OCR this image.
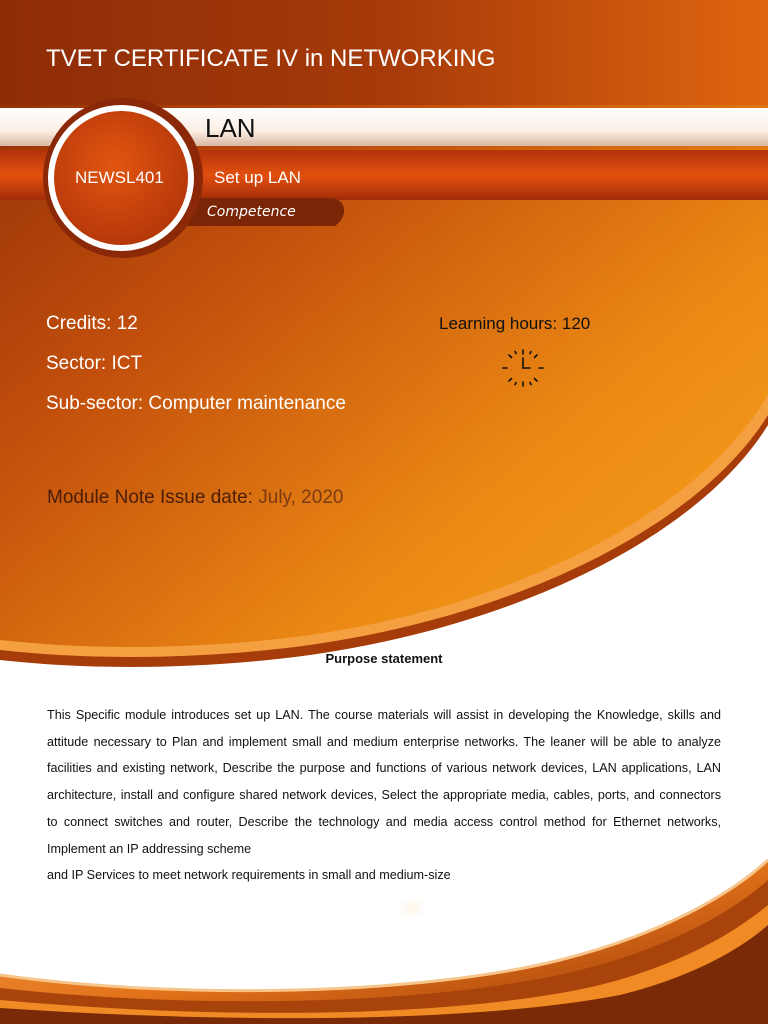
TVET CERTIFICATE IV in NETWORKING
NEWSL401
LAN
Set up LAN
Competence
Credits: 12
Sector: ICT
Sub-sector: Computer maintenance
Learning hours: 120
Module Note Issue date: July, 2020
Purpose statement

This Specific module introduces set up LAN. The course materials will assist in developing the Knowledge, skills and attitude necessary to Plan and implement small and medium enterprise networks. The leaner will be able to analyze facilities and existing network, Describe the purpose and functions of various network devices, LAN applications, LAN architecture, install and configure shared network devices, Select the appropriate media, cables, ports, and connectors to connect switches and router, Describe the technology and media access control method for Ethernet networks, Implement an IP addressing scheme

and IP Services to meet network requirements in small and medium-size
